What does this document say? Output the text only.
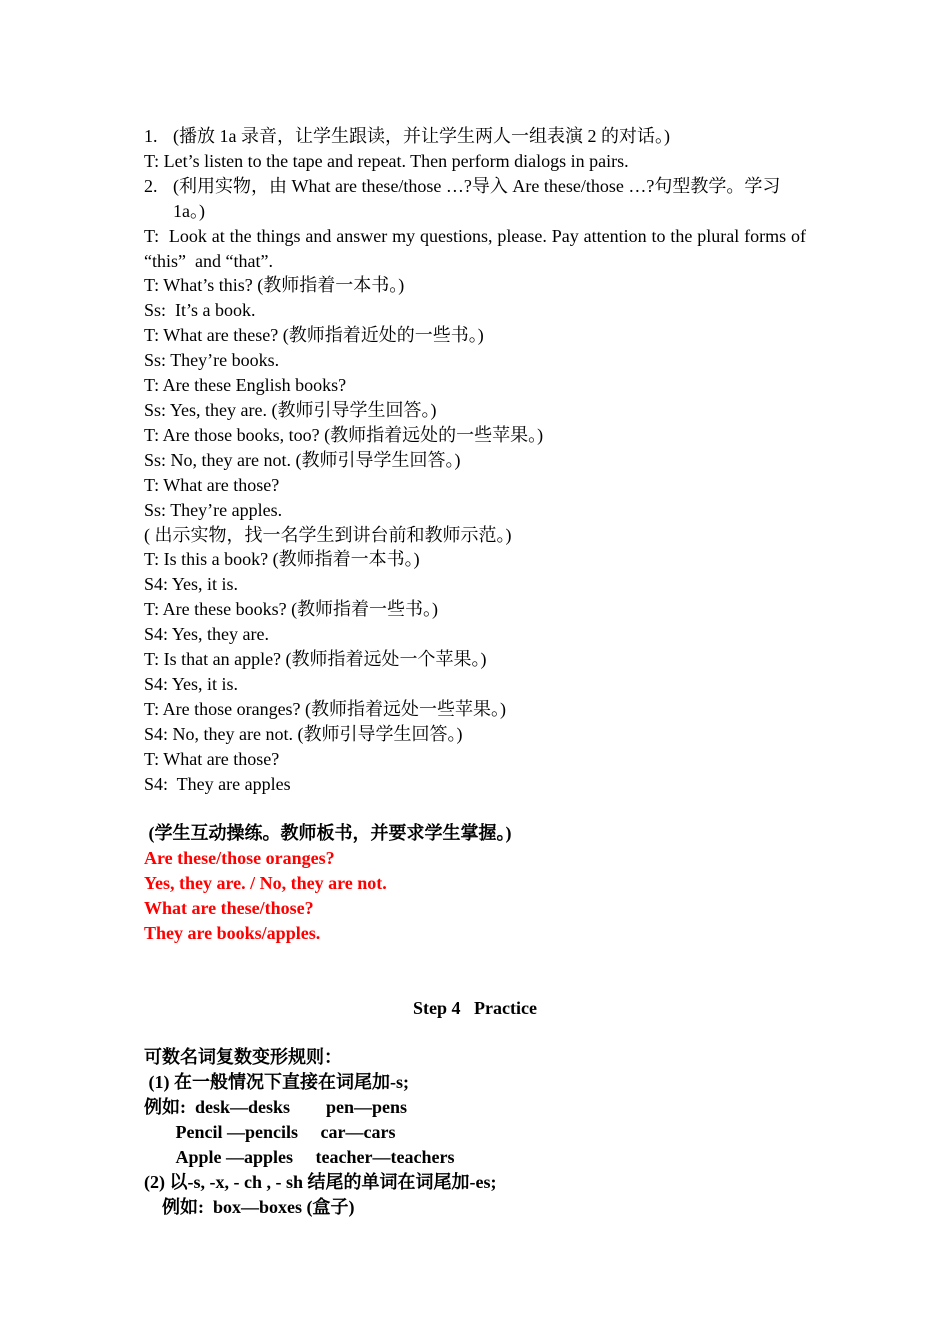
1. (播放 1a 录音，让学生跟读，并让学生两人一组表演 2 的对话。)
T: Let’s listen to the tape and repeat. Then perform dialogs in pairs.
2. (利用实物，由 What are these/those …?导入 Are these/those …?句型教学。学习 1a。)
T:  Look at the things and answer my questions, please. Pay attention to the plural forms of   “this”  and “that”.
T: What’s this? (教师指着一本书。)
Ss:  It’s a book.
T: What are these? (教师指着近处的一些书。)
Ss: They’re books.
T: Are these English books?
Ss: Yes, they are. (教师引导学生回答。)
T: Are those books, too? (教师指着远处的一些苹果。)
Ss: No, they are not. (教师引导学生回答。)
T: What are those?
Ss: They’re apples.
( 出示实物，找一名学生到讲台前和教师示范。)
T: Is this a book? (教师指着一本书。)
S4: Yes, it is.
T: Are these books? (教师指着一些书。)
S4: Yes, they are.
T: Is that an apple? (教师指着远处一个苹果。)
S4: Yes, it is.
T: Are those oranges? (教师指着远处一些苹果。)
S4: No, they are not. (教师引导学生回答。)
T: What are those?
S4:  They are apples
(学生互动操练。教师板书，并要求学生掌握。)
Are these/those oranges?
Yes, they are. / No, they are not.
What are these/those?
They are books/apples.
Step 4   Practice
可数名词复数变形规则：
(1) 在一般情况下直接在词尾加-s;
例如:  desk—desks        pen—pens
Pencil —pencils     car—cars
Apple —apples     teacher—teachers
(2) 以-s, -x, - ch , - sh 结尾的单词在词尾加-es;
例如:  box—boxes (盒子)
